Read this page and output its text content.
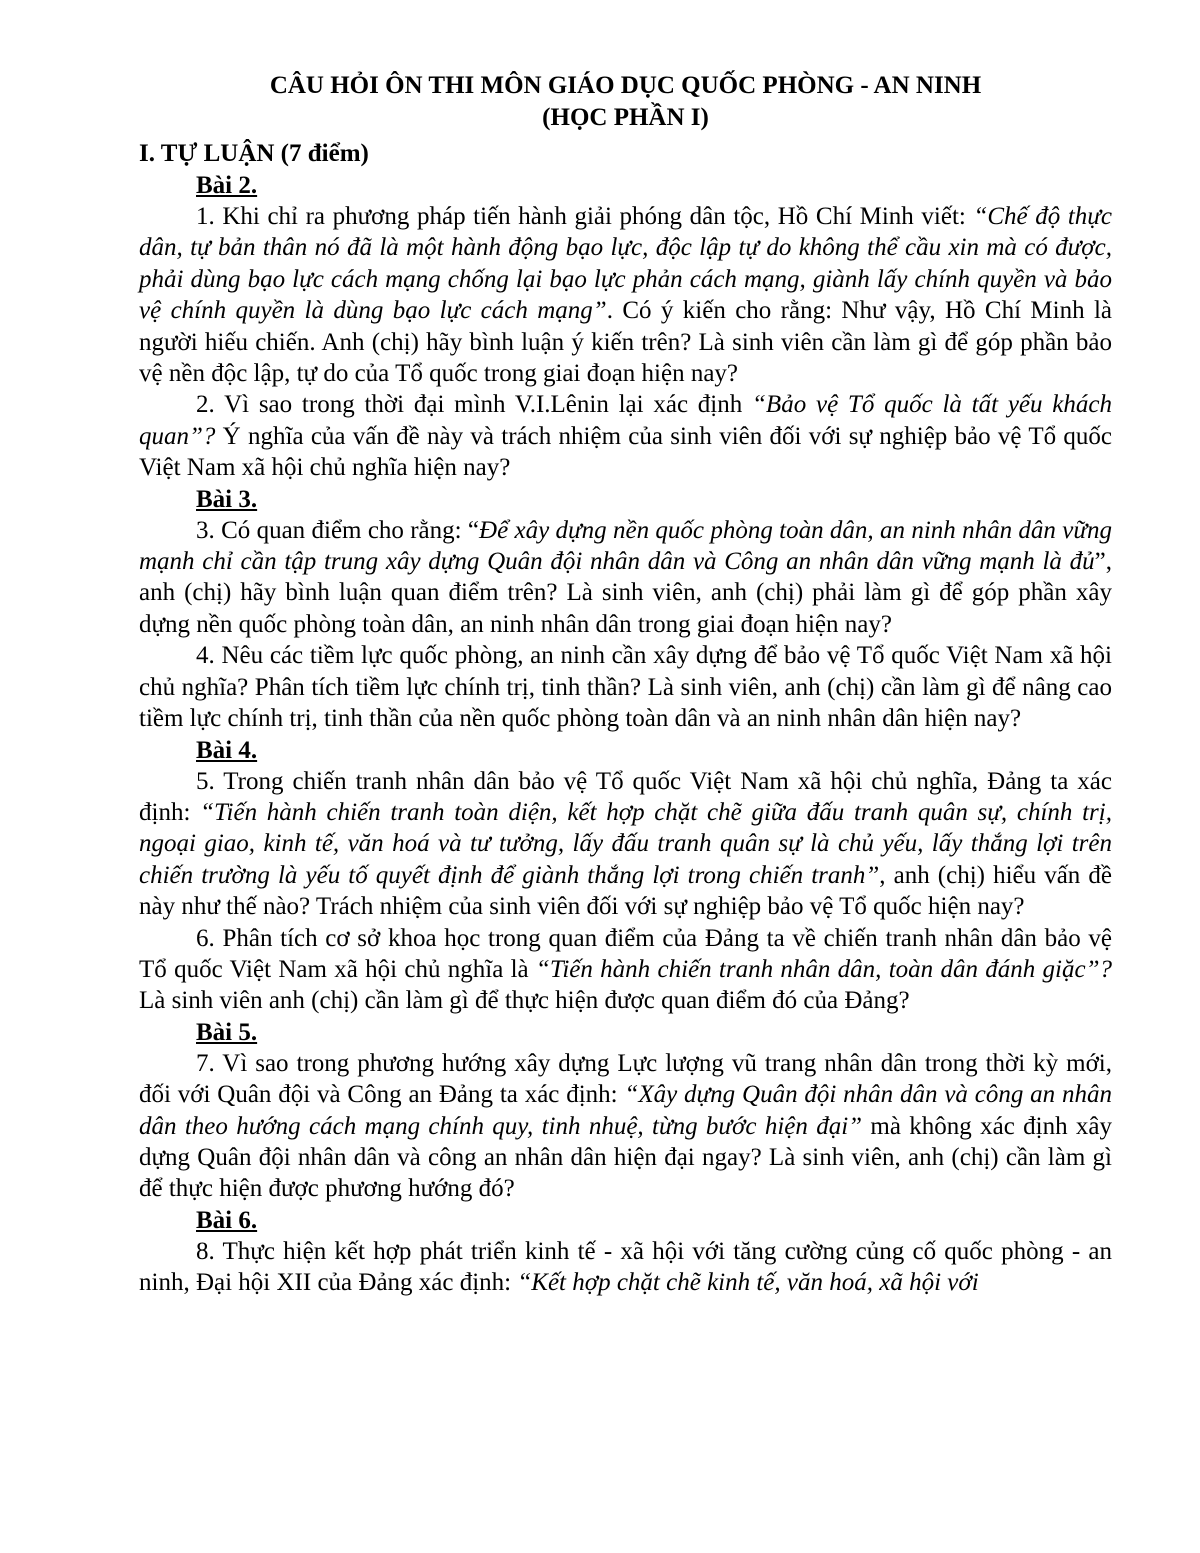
CÂU HỎI ÔN THI MÔN GIÁO DỤC QUỐC PHÒNG - AN NINH
(HỌC PHẦN I)

I. TỰ LUẬN (7 điểm)

Bài 2.

1. Khi chỉ ra phương pháp tiến hành giải phóng dân tộc, Hồ Chí Minh viết: “Chế độ thực dân, tự bản thân nó đã là một hành động bạo lực, độc lập tự do không thể cầu xin mà có được, phải dùng bạo lực cách mạng chống lại bạo lực phản cách mạng, giành lấy chính quyền và bảo vệ chính quyền là dùng bạo lực cách mạng”. Có ý kiến cho rằng: Như vậy, Hồ Chí Minh là người hiếu chiến. Anh (chị) hãy bình luận ý kiến trên? Là sinh viên cần làm gì để góp phần bảo vệ nền độc lập, tự do của Tổ quốc trong giai đoạn hiện nay?

2. Vì sao trong thời đại mình V.I.Lênin lại xác định “Bảo vệ Tổ quốc là tất yếu khách quan”? Ý nghĩa của vấn đề này và trách nhiệm của sinh viên đối với sự nghiệp bảo vệ Tổ quốc Việt Nam xã hội chủ nghĩa hiện nay?

Bài 3.

3. Có quan điểm cho rằng: “Để xây dựng nền quốc phòng toàn dân, an ninh nhân dân vững mạnh chỉ cần tập trung xây dựng Quân đội nhân dân và Công an nhân dân vững mạnh là đủ”, anh (chị) hãy bình luận quan điểm trên? Là sinh viên, anh (chị) phải làm gì để góp phần xây dựng nền quốc phòng toàn dân, an ninh nhân dân trong giai đoạn hiện nay?

4. Nêu các tiềm lực quốc phòng, an ninh cần xây dựng để bảo vệ Tổ quốc Việt Nam xã hội chủ nghĩa? Phân tích tiềm lực chính trị, tinh thần? Là sinh viên, anh (chị) cần làm gì để nâng cao tiềm lực chính trị, tinh thần của nền quốc phòng toàn dân và an ninh nhân dân hiện nay?

Bài 4.

5. Trong chiến tranh nhân dân bảo vệ Tổ quốc Việt Nam xã hội chủ nghĩa, Đảng ta xác định: “Tiến hành chiến tranh toàn diện, kết hợp chặt chẽ giữa đấu tranh quân sự, chính trị, ngoại giao, kinh tế, văn hoá và tư tưởng, lấy đấu tranh quân sự là chủ yếu, lấy thắng lợi trên chiến trường là yếu tố quyết định để giành thắng lợi trong chiến tranh”, anh (chị) hiểu vấn đề này như thế nào? Trách nhiệm của sinh viên đối với sự nghiệp bảo vệ Tổ quốc hiện nay?

6. Phân tích cơ sở khoa học trong quan điểm của Đảng ta về chiến tranh nhân dân bảo vệ Tổ quốc Việt Nam xã hội chủ nghĩa là “Tiến hành chiến tranh nhân dân, toàn dân đánh giặc”? Là sinh viên anh (chị) cần làm gì để thực hiện được quan điểm đó của Đảng?

Bài 5.

7. Vì sao trong phương hướng xây dựng Lực lượng vũ trang nhân dân trong thời kỳ mới, đối với Quân đội và Công an Đảng ta xác định: “Xây dựng Quân đội nhân dân và công an nhân dân theo hướng cách mạng chính quy, tinh nhuệ, từng bước hiện đại” mà không xác định xây dựng Quân đội nhân dân và công an nhân dân hiện đại ngay? Là sinh viên, anh (chị) cần làm gì để thực hiện được phương hướng đó?

Bài 6.

8. Thực hiện kết hợp phát triển kinh tế - xã hội với tăng cường củng cố quốc phòng - an ninh, Đại hội XII của Đảng xác định: “Kết hợp chặt chẽ kinh tế, văn hoá, xã hội với
